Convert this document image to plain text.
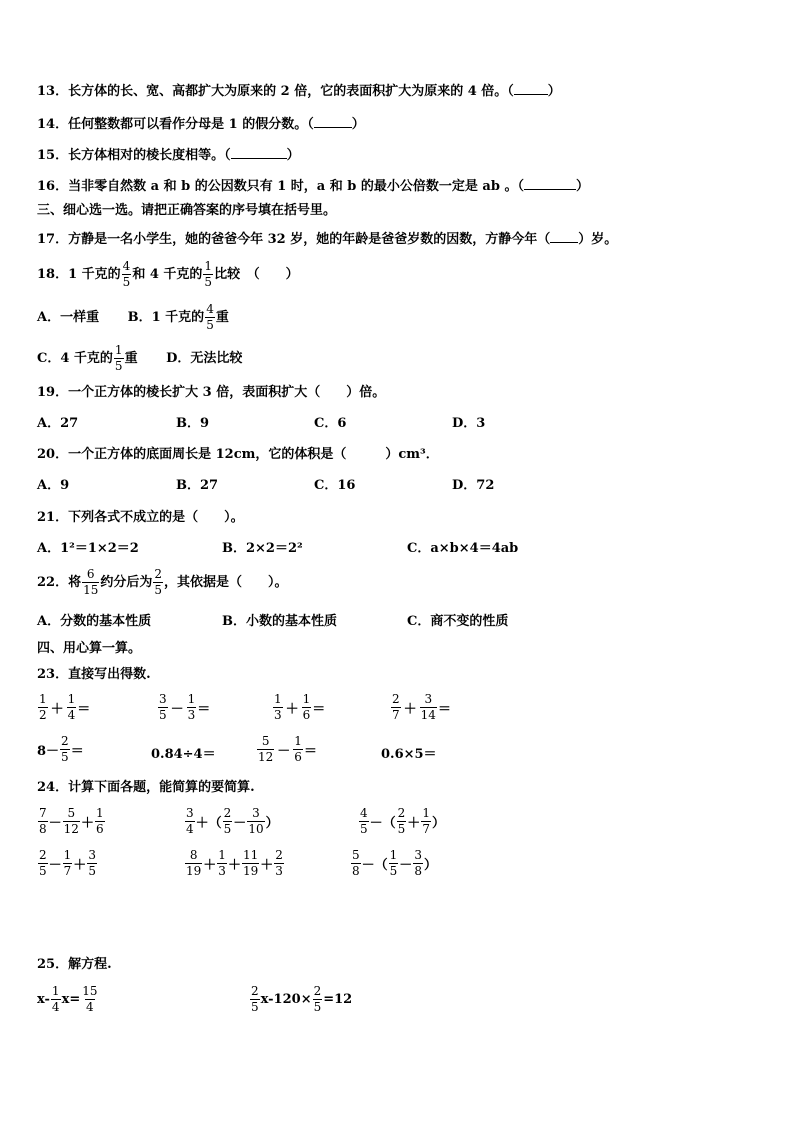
13．长方体的长、宽、高都扩大为原来的 2 倍，它的表面积扩大为原来的 4 倍。（	）
14．任何整数都可以看作分母是 1 的假分数。（	）
15．长方体相对的棱长度相等。（	）
16．当非零自然数 a 和 b 的公因数只有 1 时，a 和 b 的最小公倍数一定是 ab 。（	）
三、细心选一选。请把正确答案的序号填在括号里。
17．方静是一名小学生，她的爸爸今年 32 岁，她的年龄是爸爸岁数的因数，方静今年（ ）岁。
18．1 千克的 $\frac{4}{5}$ 和 4 千克的 $\frac{1}{5}$ 比较　（　　）
A．一样重 B．1 千克的 $\frac{4}{5}$ 重
C．4 千克的 $\frac{1}{5}$ 重 D．无法比较
19．一个正方体的棱长扩大 3 倍，表面积扩大（　　）倍。
A．27	B．9	C．6	D．3
20．一个正方体的底面周长是 12cm，它的体积是（　　　）cm³．
A．9	B．27	C．16	D．72
21．下列各式不成立的是（　　）。
A．1²＝1×2＝2	B．2×2＝2²	C．a×b×4＝4ab
22．将 $\frac{6}{15}$ 约分后为 $\frac{2}{5}$ ，其依据是（　　）。
A．分数的基本性质	B．小数的基本性质	C．商不变的性质
四、用心算一算。
23．直接写出得数.
$\frac{1}{2} + \frac{1}{4}$ ＝	$\frac{3}{5} - \frac{1}{3}$ ＝	$\frac{1}{3} + \frac{1}{6}$ ＝	$\frac{2}{7} + \frac{3}{14}$ ＝
$8- \frac{2}{5}$ ＝	0.84÷4＝	$\frac{5}{12} - \frac{1}{6}$ ＝	0.6×5＝
24．计算下面各题，能简算的要简算.
$\frac{7}{8} - \frac{5}{12} + \frac{1}{6}$	$\frac{3}{4}$ ＋（ $\frac{2}{5} - \frac{3}{10}$ ）	$\frac{4}{5}$ －（ $\frac{2}{5} + \frac{1}{7}$ ）
$\frac{2}{5} - \frac{1}{7} + \frac{3}{5}$	$\frac{8}{19} + \frac{1}{3} + \frac{11}{19} + \frac{2}{3}$	$\frac{5}{8}$ －（ $\frac{1}{5} - \frac{3}{8}$ ）
25．解方程.
$x- \frac{1}{4} x= \frac{15}{4}$	$\frac{2}{5} x-120\times \frac{2}{5} =12$
